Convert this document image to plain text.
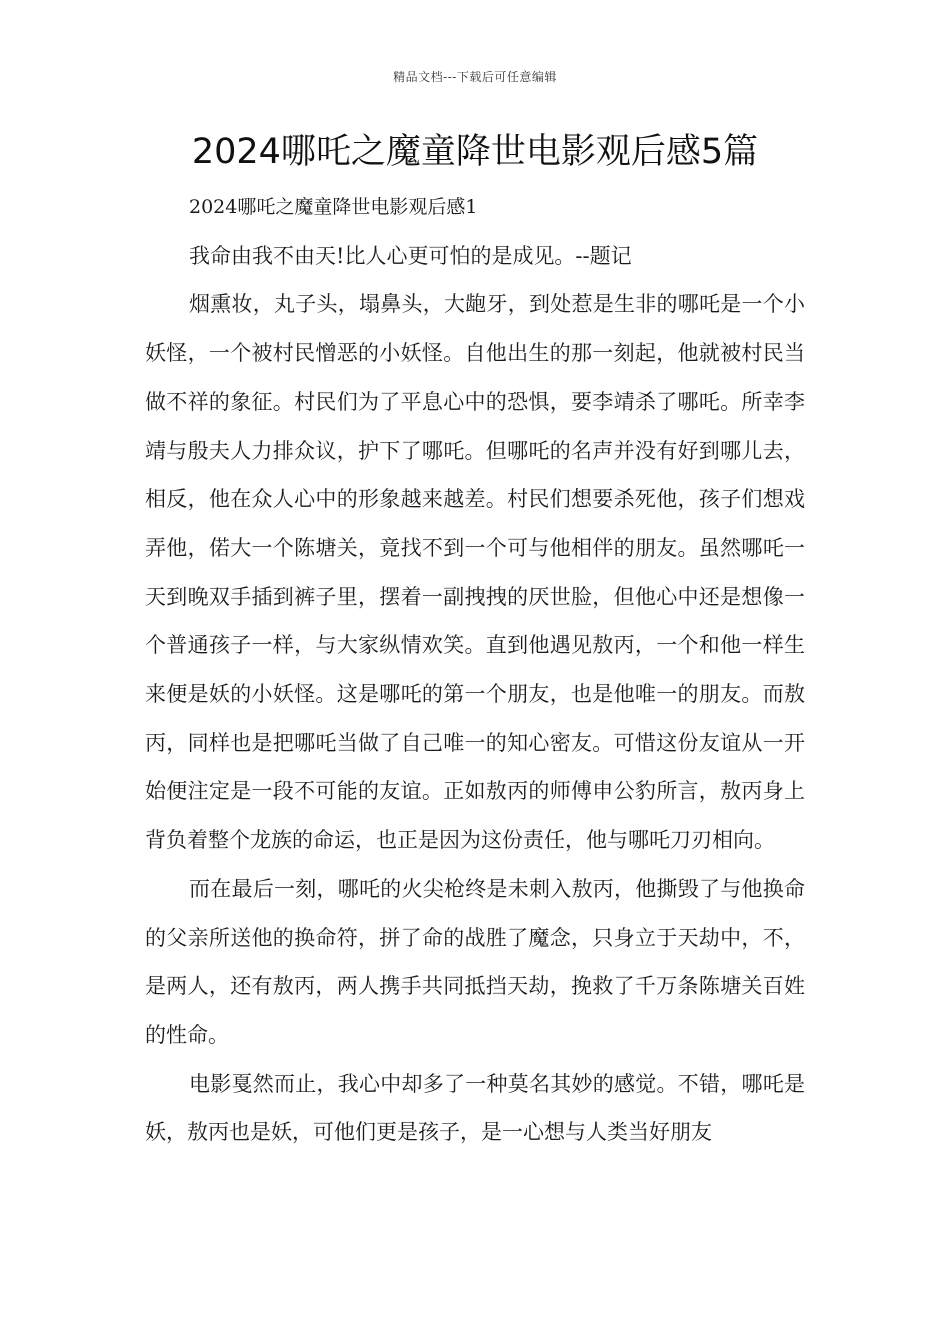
精品文档---下载后可任意编辑
2024哪吒之魔童降世电影观后感5篇

2024哪吒之魔童降世电影观后感1

我命由我不由天!比人心更可怕的是成见。--题记

烟熏妆，丸子头，塌鼻头，大龅牙，到处惹是生非的哪吒是一个小妖怪，一个被村民憎恶的小妖怪。自他出生的那一刻起，他就被村民当做不祥的象征。村民们为了平息心中的恐惧，要李靖杀了哪吒。所幸李靖与殷夫人力排众议，护下了哪吒。但哪吒的名声并没有好到哪儿去，相反，他在众人心中的形象越来越差。村民们想要杀死他，孩子们想戏弄他，偌大一个陈塘关，竟找不到一个可与他相伴的朋友。虽然哪吒一天到晚双手插到裤子里，摆着一副拽拽的厌世脸，但他心中还是想像一个普通孩子一样，与大家纵情欢笑。直到他遇见敖丙，一个和他一样生来便是妖的小妖怪。这是哪吒的第一个朋友，也是他唯一的朋友。而敖丙，同样也是把哪吒当做了自己唯一的知心密友。可惜这份友谊从一开始便注定是一段不可能的友谊。正如敖丙的师傅申公豹所言，敖丙身上背负着整个龙族的命运，也正是因为这份责任，他与哪吒刀刃相向。

而在最后一刻，哪吒的火尖枪终是未刺入敖丙，他撕毁了与他换命的父亲所送他的换命符，拼了命的战胜了魔念，只身立于天劫中，不，是两人，还有敖丙，两人携手共同抵挡天劫，挽救了千万条陈塘关百姓的性命。

电影戛然而止，我心中却多了一种莫名其妙的感觉。不错，哪吒是妖，敖丙也是妖，可他们更是孩子，是一心想与人类当好朋友
